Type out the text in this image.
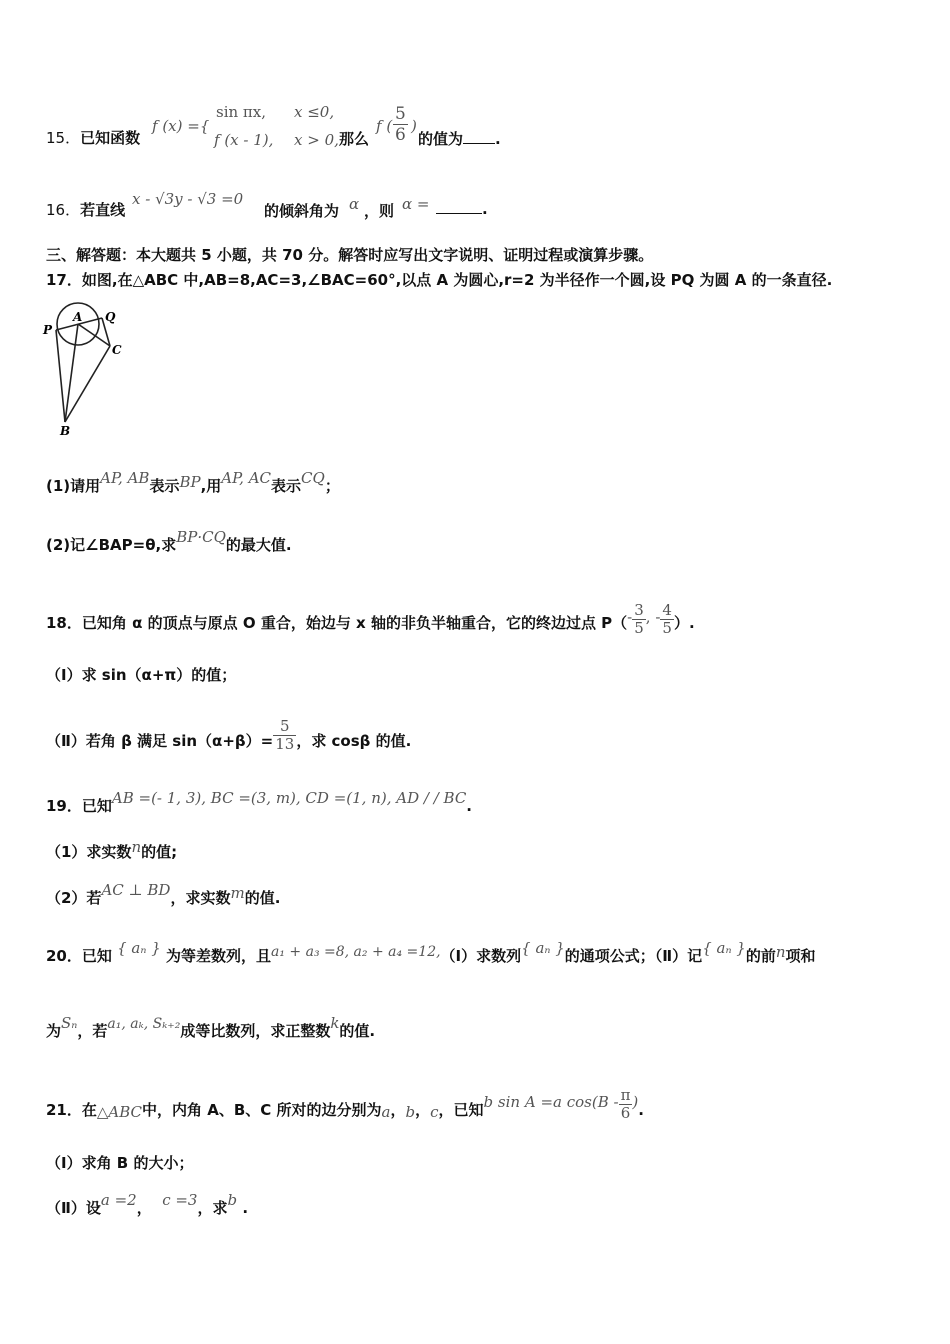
15．已知函数
f (x) ={
sin πx, x ≤0,
f (x - 1), x > 0, 那么
f ( $\frac{5}{6}$ )
的值为 .
16．若直线
x - √3y - √3 =0
的倾斜角为 α ，则 α =	.
三、解答题：本大题共 5 小题，共 70 分。解答时应写出文字说明、证明过程或演算步骤。
17．如图,在△ABC 中,AB=8,AC=3,∠BAC=60°,以点 A 为圆心,r=2 为半径作一个圆,设 PQ 为圆 A 的一条直径.
P
A Q
C
B
(1)请用AP, AB表示BP,用AP, AC表示CQ；
(2)记∠BAP=θ,求BP·CQ的最大值.
18．已知角 α 的顶点与原点 O 重合，始边与 x 轴的非负半轴重合，它的终边过点 $P(- \frac{3}{5}$ , - $\frac{4}{5}$ ）.
（Ⅰ）求 sin（α+π）的值；
（Ⅱ）若角 β 满足 $\sin(\alpha+\beta)= \frac{5}{13}$ ，求 cosβ 的值.
19．已知AB =(- 1, 3), BC =(3, m), CD =(1, n), AD / / BC.
（1）求实数n的值;
（2）若AC ⊥ BD，求实数m的值.
20．已知 { aₙ } 为等差数列，且a₁ + a₃ =8, a₂ + a₄ =12,（Ⅰ）求数列{ aₙ }的通项公式；（Ⅱ）记{ aₙ }的前n项和
为Sₙ，若a₁, aₖ, Sₖ₊₂成等比数列，求正整数k的值.
21．在△ABC中，内角 A、B、C 所对的边分别为a，b，c，已知b sin A =a $\cos(B - \frac{\pi}{6}$ ).
（Ⅰ）求角 B 的大小；
（Ⅱ）设a =2， c =3，求b .
